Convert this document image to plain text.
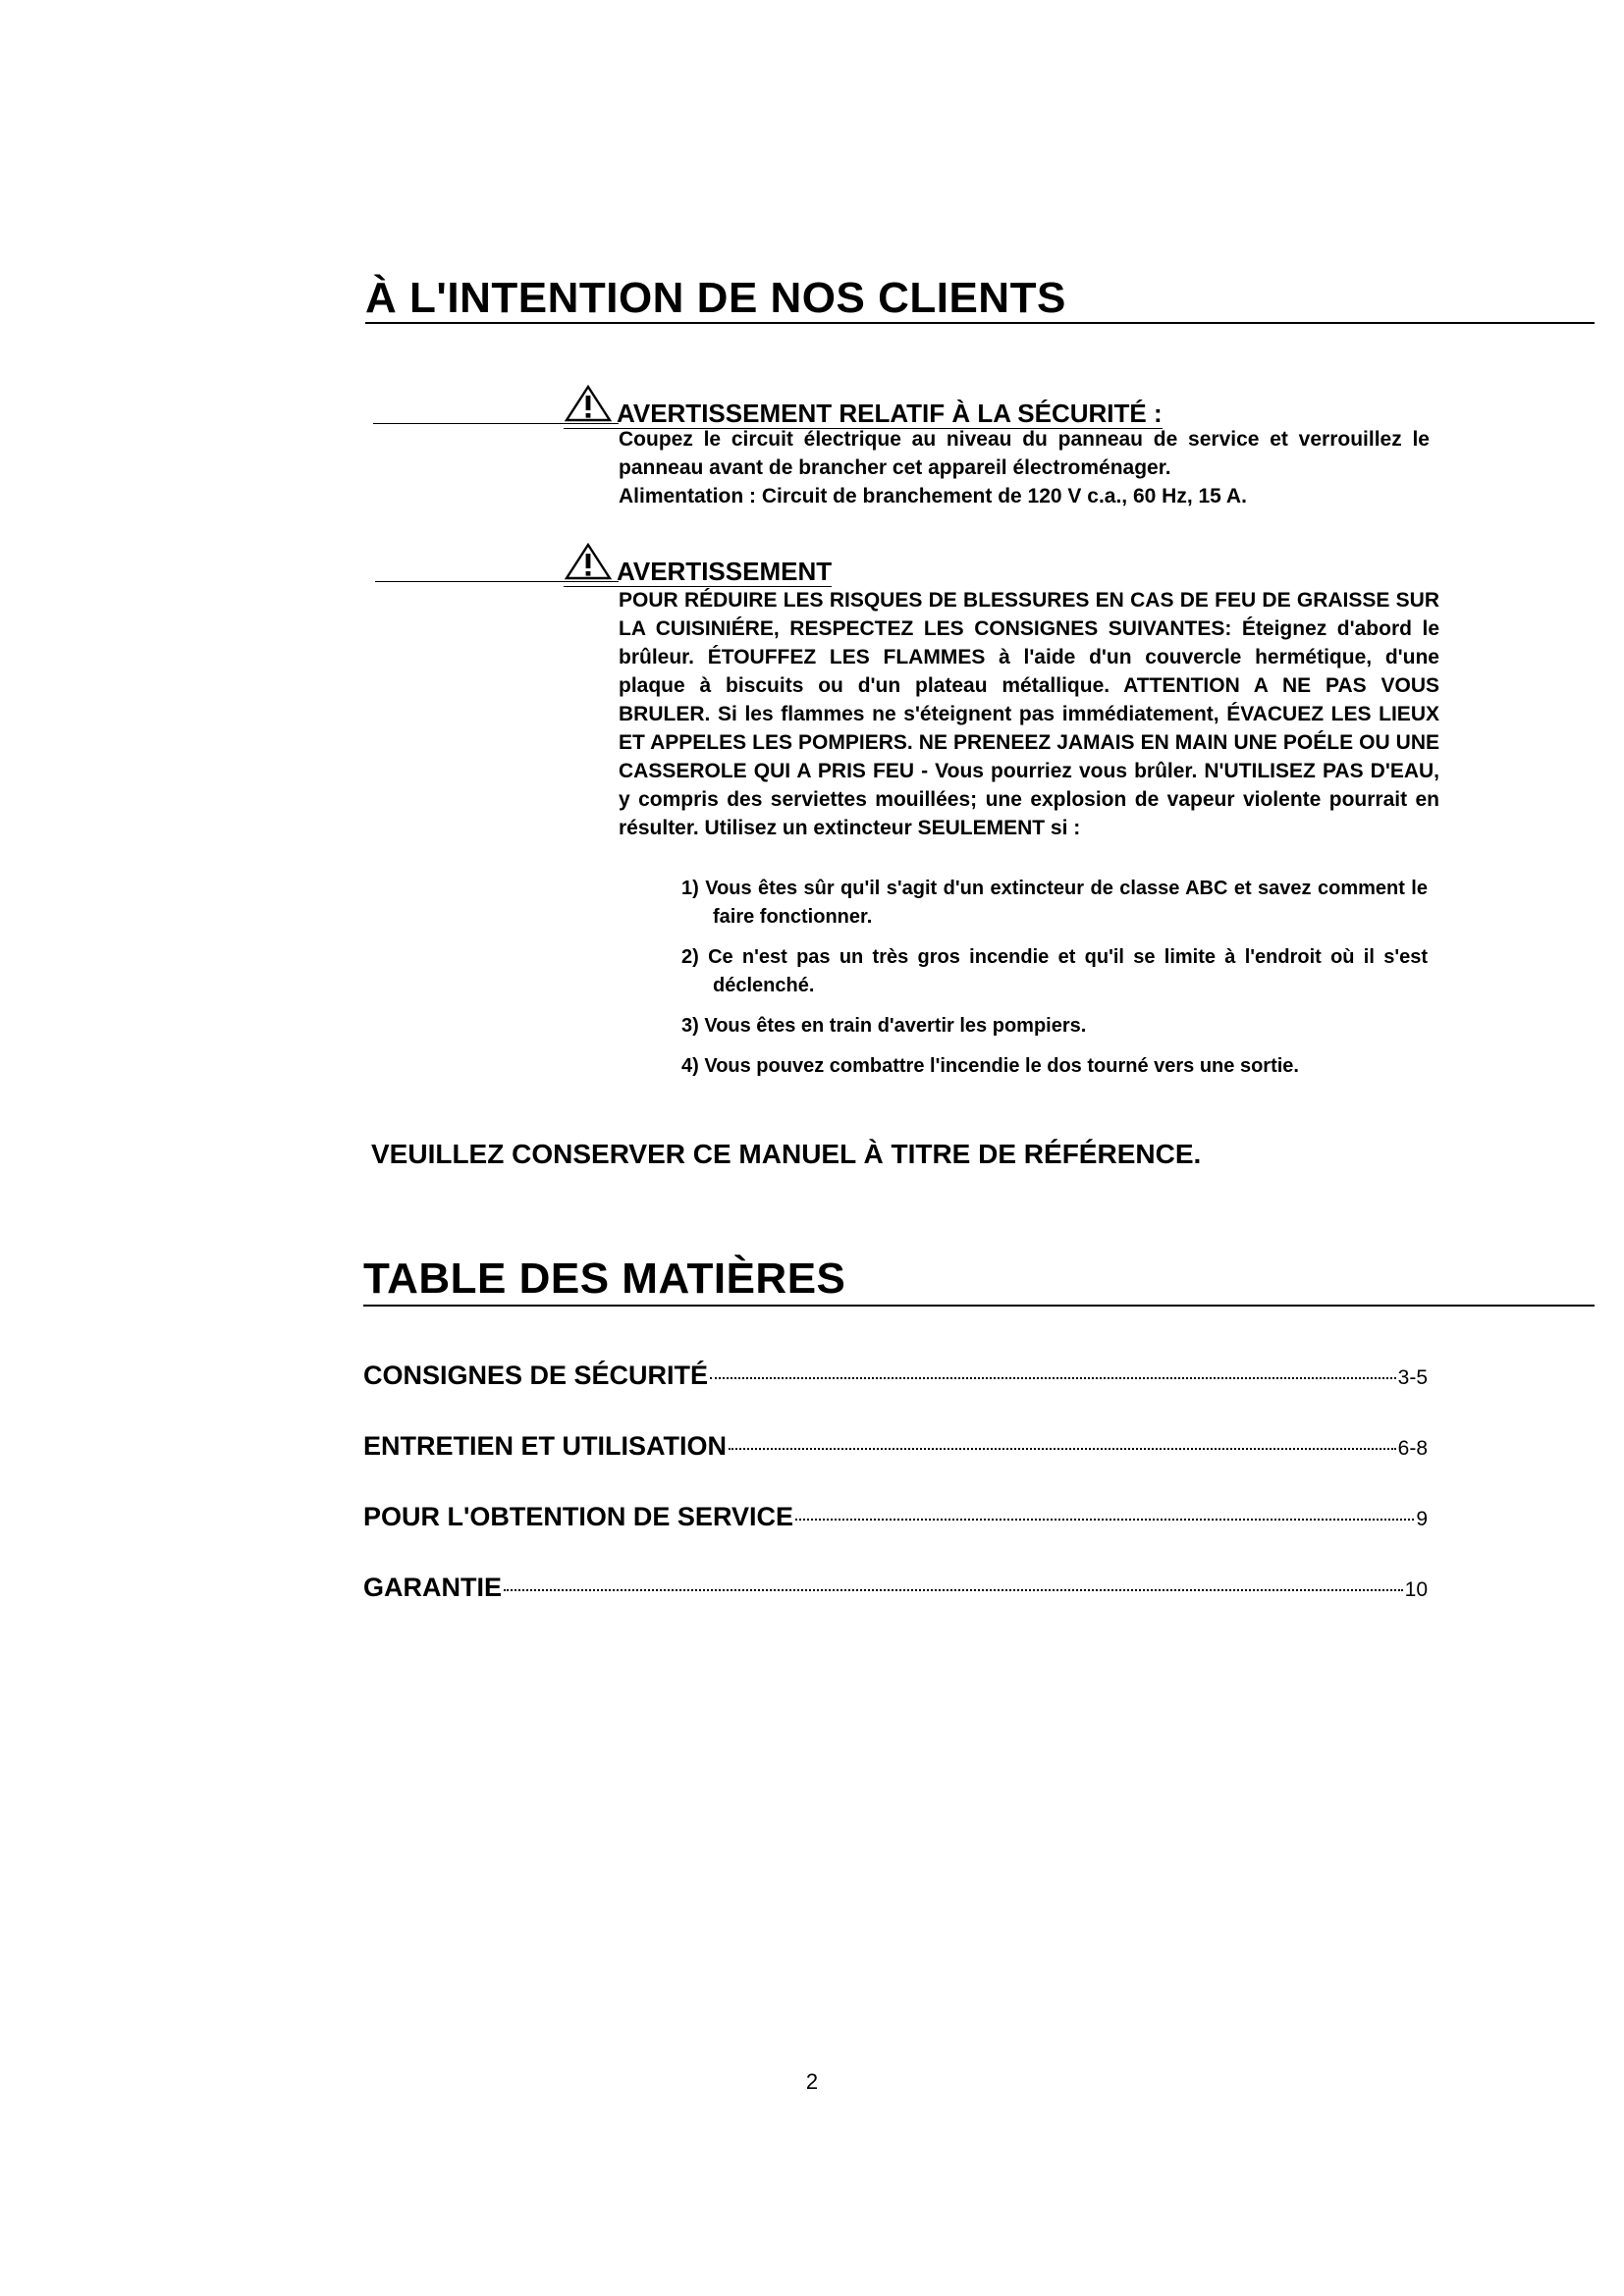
À L'INTENTION DE NOS CLIENTS
AVERTISSEMENT RELATIF À LA SÉCURITÉ :
Coupez le circuit électrique au niveau du panneau de service et verrouillez le panneau avant de brancher cet appareil électroménager.
Alimentation : Circuit de branchement de 120 V c.a., 60 Hz, 15 A.
AVERTISSEMENT
POUR RÉDUIRE LES RISQUES DE BLESSURES EN CAS DE FEU DE GRAISSE SUR LA CUISINIÉRE, RESPECTEZ LES CONSIGNES SUIVANTES: Éteignez d'abord le brûleur. ÉTOUFFEZ LES FLAMMES à l'aide d'un couvercle hermétique, d'une plaque à biscuits ou d'un plateau métallique. ATTENTION A NE PAS VOUS BRULER. Si les flammes ne s'éteignent pas immédiatement, ÉVACUEZ LES LIEUX ET APPELES LES POMPIERS. NE PRENEEZ JAMAIS EN MAIN UNE POÉLE OU UNE CASSEROLE QUI A PRIS FEU - Vous pourriez vous brûler. N'UTILISEZ PAS D'EAU, y compris des serviettes mouillées; une explosion de vapeur violente pourrait en résulter. Utilisez un extincteur SEULEMENT si :
1) Vous êtes sûr qu'il s'agit d'un extincteur de classe ABC et savez comment le faire fonctionner.
2) Ce n'est pas un très gros incendie et qu'il se limite à l'endroit où il s'est déclenché.
3) Vous êtes en train d'avertir les pompiers.
4) Vous pouvez combattre l'incendie le dos tourné vers une sortie.
VEUILLEZ CONSERVER CE MANUEL À TITRE DE RÉFÉRENCE.
TABLE DES MATIÈRES
CONSIGNES DE SÉCURITÉ	3-5
ENTRETIEN ET UTILISATION	6-8
POUR L'OBTENTION DE SERVICE	9
GARANTIE	10
2
